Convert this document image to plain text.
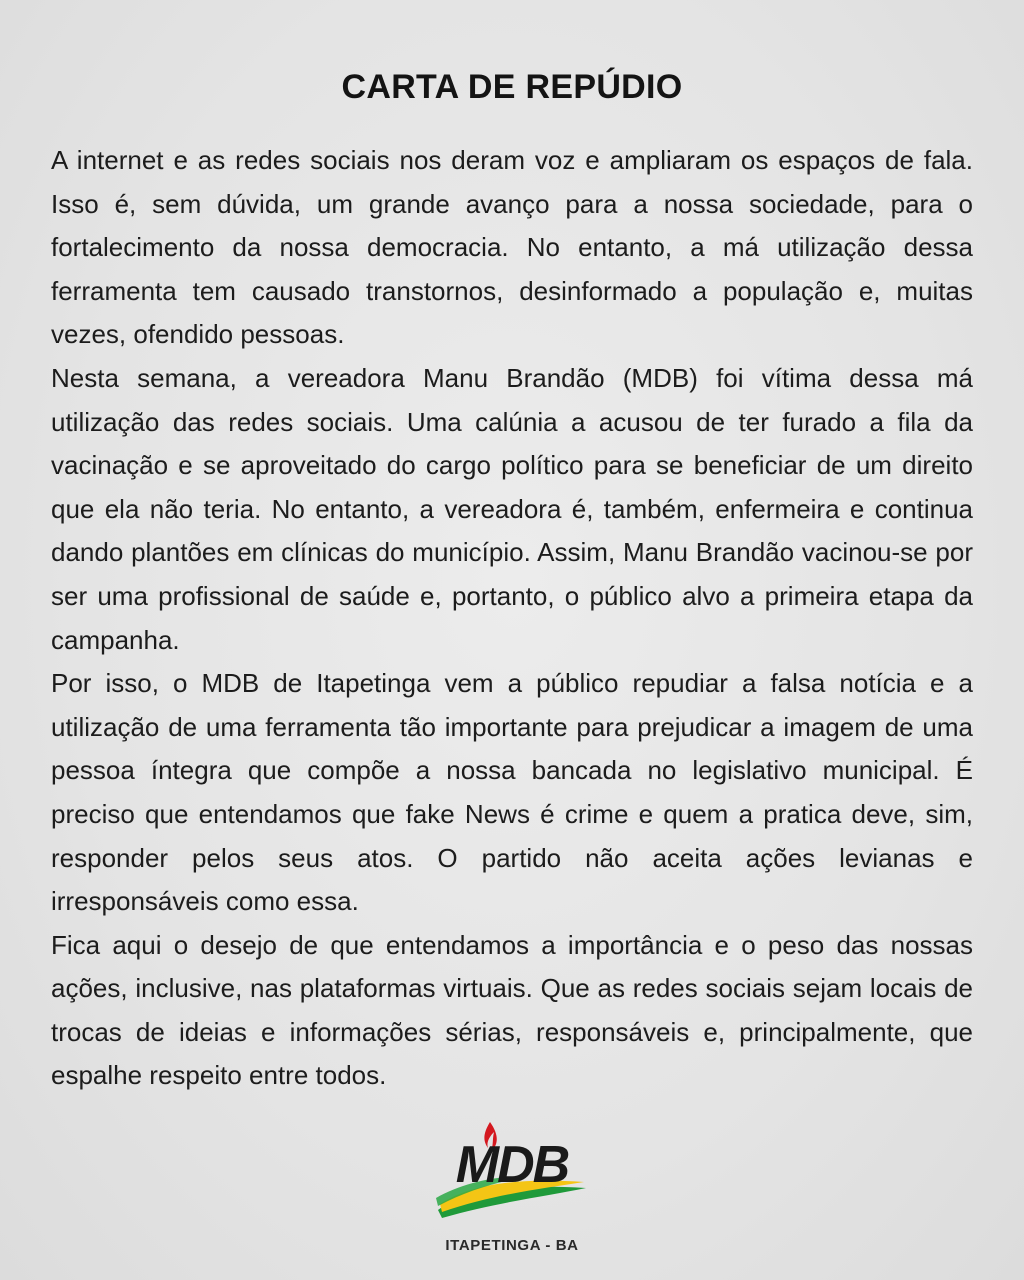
CARTA DE REPÚDIO

A internet e as redes sociais nos deram voz e ampliaram os espaços de fala. Isso é, sem dúvida, um grande avanço para a nossa sociedade, para o fortalecimento da nossa democracia. No entanto, a má utilização dessa ferramenta tem causado transtornos, desinformado a população e, muitas vezes, ofendido pessoas.

Nesta semana, a vereadora Manu Brandão (MDB) foi vítima dessa má utilização das redes sociais. Uma calúnia a acusou de ter furado a fila da vacinação e se aproveitado do cargo político para se beneficiar de um direito que ela não teria. No entanto, a vereadora é, também, enfermeira e continua dando plantões em clínicas do município. Assim, Manu Brandão vacinou-se por ser uma profissional de saúde e, portanto, o público alvo a primeira etapa da campanha.

Por isso, o MDB de Itapetinga vem a público repudiar a falsa notícia e a utilização de uma ferramenta tão importante para prejudicar a imagem de uma pessoa íntegra que compõe a nossa bancada no legislativo municipal. É preciso que entendamos que fake News é crime e quem a pratica deve, sim, responder pelos seus atos. O partido não aceita ações levianas e irresponsáveis como essa.

Fica aqui o desejo de que entendamos a importância e o peso das nossas ações, inclusive, nas plataformas virtuais. Que as redes sociais sejam locais de trocas de ideias e informações sérias, responsáveis e, principalmente, que espalhe respeito entre todos.

MDB
ITAPETINGA - BA
